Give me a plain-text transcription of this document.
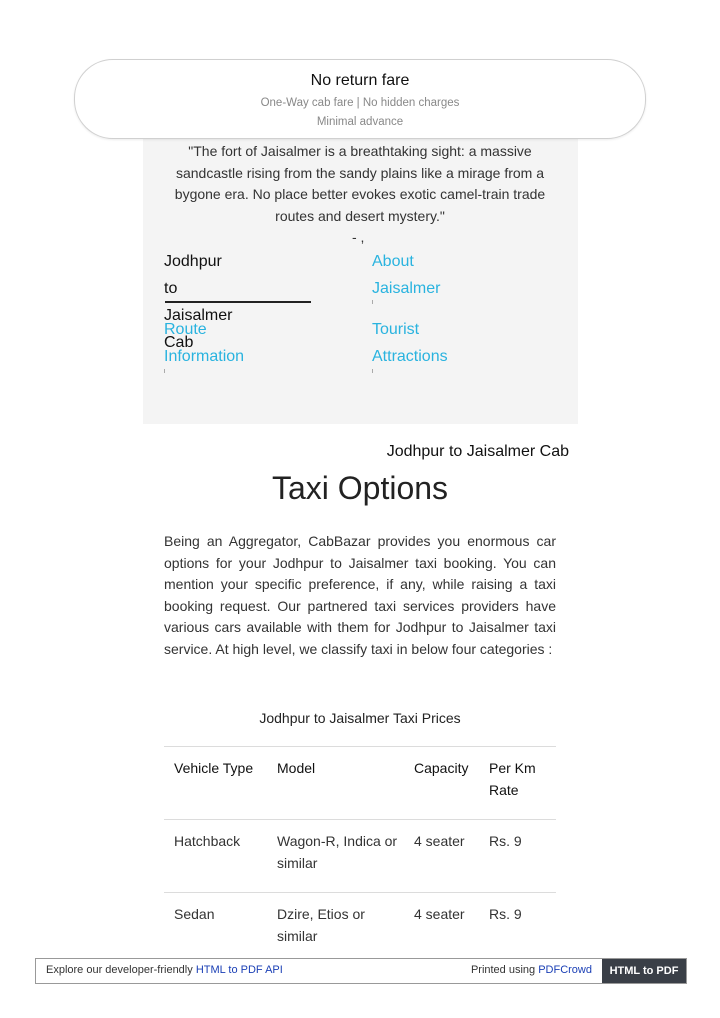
No return fare
One-Way cab fare | No hidden charges
Minimal advance
"The fort of Jaisalmer is a breathtaking sight: a massive sandcastle rising from the sandy plains like a mirage from a bygone era. No place better evokes exotic camel-train trade routes and desert mystery."
- ,
Jodhpur to
Jaisalmer Cab
About
Jaisalmer
Route
Information
Tourist
Attractions
Jodhpur to Jaisalmer Cab
Taxi Options
Being an Aggregator, CabBazar provides you enormous car options for your Jodhpur to Jaisalmer taxi booking. You can mention your specific preference, if any, while raising a taxi booking request. Our partnered taxi services providers have various cars available with them for Jodhpur to Jaisalmer taxi service. At high level, we classify taxi in below four categories :
Jodhpur to Jaisalmer Taxi Prices
Vehicle Type	Model	Capacity	Per Km Rate
Hatchback	Wagon-R, Indica or similar	4 seater	Rs. 9
Sedan	Dzire, Etios or similar	4 seater	Rs. 9
Explore our developer-friendly HTML to PDF API	Printed using PDFCrowd	HTML to PDF
